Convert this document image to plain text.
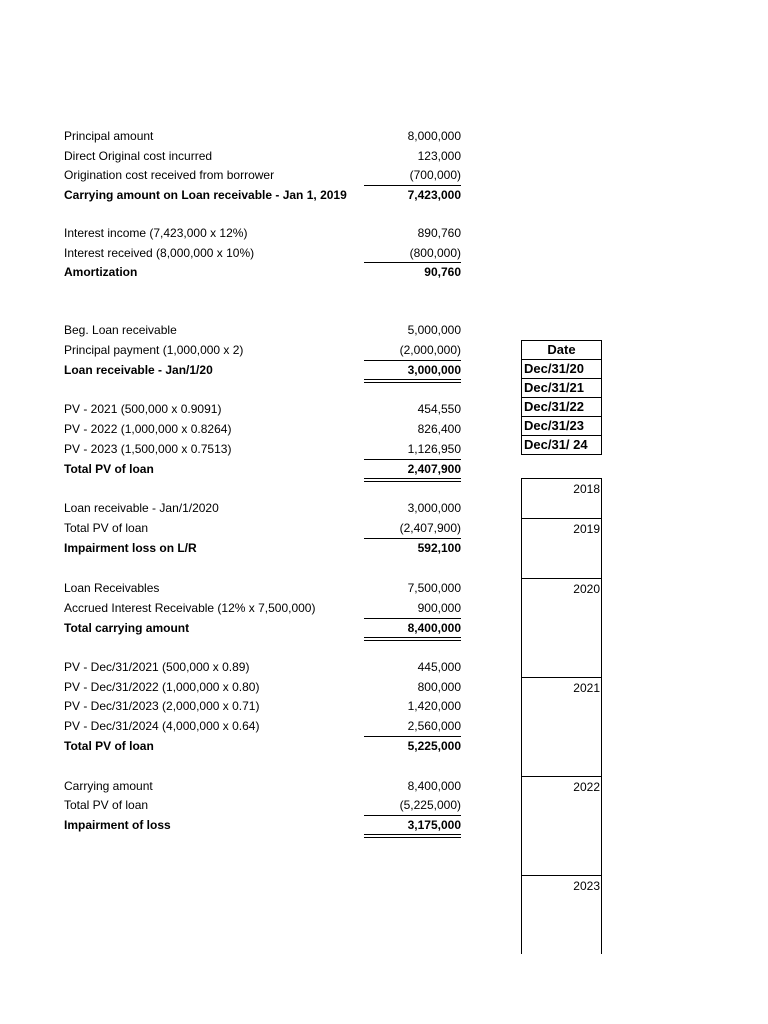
Principal amount	8,000,000
Direct Original cost incurred	123,000
Origination cost received from borrower	(700,000)
Carrying amount on Loan receivable - Jan 1, 2019	7,423,000
Interest income (7,423,000 x 12%)	890,760
Interest received (8,000,000 x 10%)	(800,000)
Amortization	90,760
Beg. Loan receivable	5,000,000
Principal payment (1,000,000 x 2)	(2,000,000)
Loan receivable - Jan/1/20	3,000,000
PV - 2021 (500,000 x 0.9091)	454,550
PV - 2022 (1,000,000 x 0.8264)	826,400
PV - 2023 (1,500,000 x 0.7513)	1,126,950
Total PV of loan	2,407,900
Loan receivable - Jan/1/2020	3,000,000
Total PV of loan	(2,407,900)
Impairment loss on L/R	592,100
Loan Receivables	7,500,000
Accrued Interest Receivable (12% x 7,500,000)	900,000
Total carrying amount	8,400,000
PV - Dec/31/2021 (500,000 x 0.89)	445,000
PV - Dec/31/2022 (1,000,000 x 0.80)	800,000
PV - Dec/31/2023 (2,000,000 x 0.71)	1,420,000
PV - Dec/31/2024 (4,000,000 x 0.64)	2,560,000
Total PV of loan	5,225,000
Carrying amount	8,400,000
Total PV of loan	(5,225,000)
Impairment of loss	3,175,000
Date
Dec/31/20
Dec/31/21
Dec/31/22
Dec/31/23
Dec/31/ 24
2018
2019
2020
2021
2022
2023
